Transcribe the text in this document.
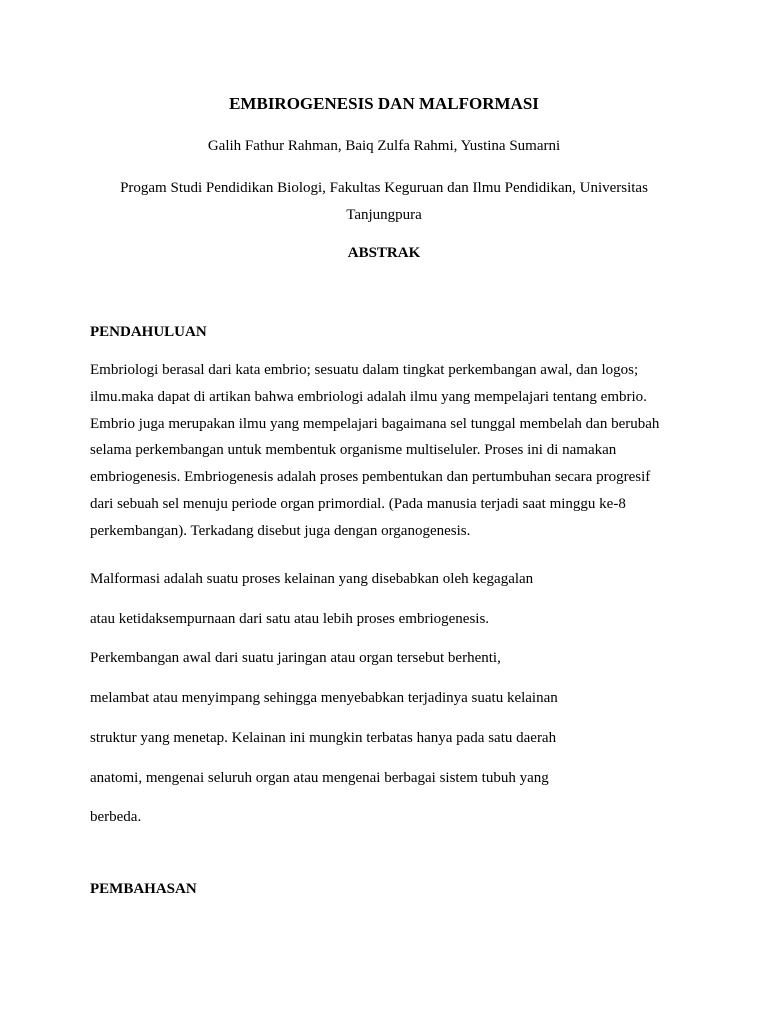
EMBIROGENESIS DAN MALFORMASI
Galih Fathur Rahman, Baiq Zulfa Rahmi, Yustina Sumarni
Progam Studi Pendidikan Biologi, Fakultas Keguruan dan Ilmu Pendidikan, Universitas
Tanjungpura
ABSTRAK
PENDAHULUAN
Embriologi berasal dari kata embrio; sesuatu dalam tingkat perkembangan awal, dan logos;
ilmu.maka dapat di artikan bahwa embriologi adalah ilmu yang mempelajari tentang embrio.
Embrio juga merupakan ilmu yang mempelajari bagaimana sel tunggal membelah dan berubah
selama perkembangan untuk membentuk organisme multiseluler. Proses ini di namakan
embriogenesis. Embriogenesis adalah proses pembentukan dan pertumbuhan secara progresif
dari sebuah sel menuju periode organ primordial. (Pada manusia terjadi saat minggu ke-8
perkembangan). Terkadang disebut juga dengan organogenesis.
Malformasi adalah suatu proses kelainan yang disebabkan oleh kegagalan
atau ketidaksempurnaan dari satu atau lebih proses embriogenesis.
Perkembangan awal dari suatu jaringan atau organ tersebut berhenti,
melambat atau menyimpang sehingga menyebabkan terjadinya suatu kelainan
struktur yang menetap. Kelainan ini mungkin terbatas hanya pada satu daerah
anatomi, mengenai seluruh organ atau mengenai berbagai sistem tubuh yang
berbeda.
PEMBAHASAN
